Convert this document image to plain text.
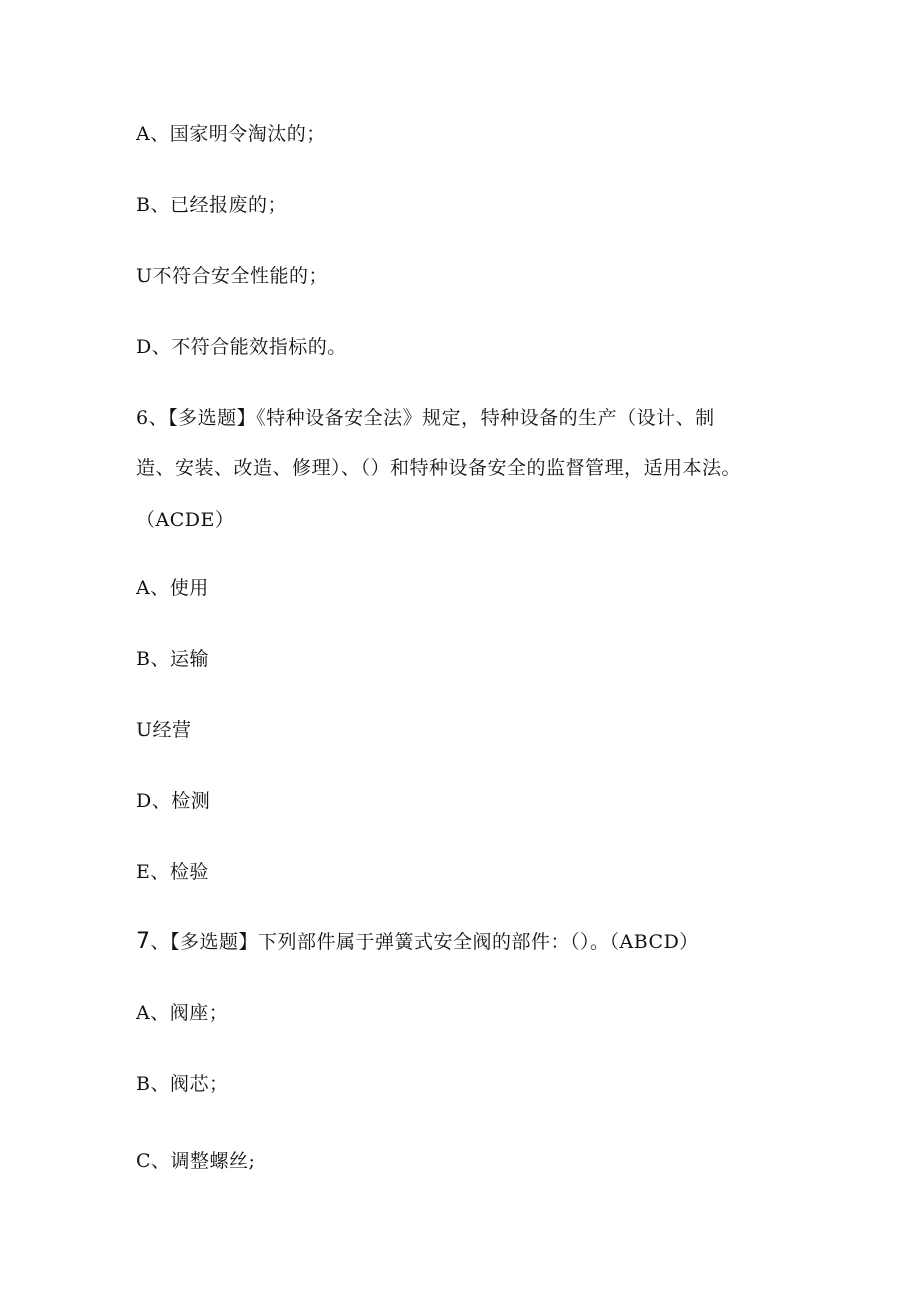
A、国家明令淘汰的；
B、已经报废的；
U不符合安全性能的；
D、不符合能效指标的。
6、【多选题】《特种设备安全法》规定，特种设备的生产（设计、制
造、安装、改造、修理）、（）和特种设备安全的监督管理，适用本法。
（ACDE）
A、使用
B、运输
U经营
D、检测
E、检验
7、【多选题】下列部件属于弹簧式安全阀的部件：（）。（ABCD）
A、阀座；
B、阀芯；
C、调整螺丝;
